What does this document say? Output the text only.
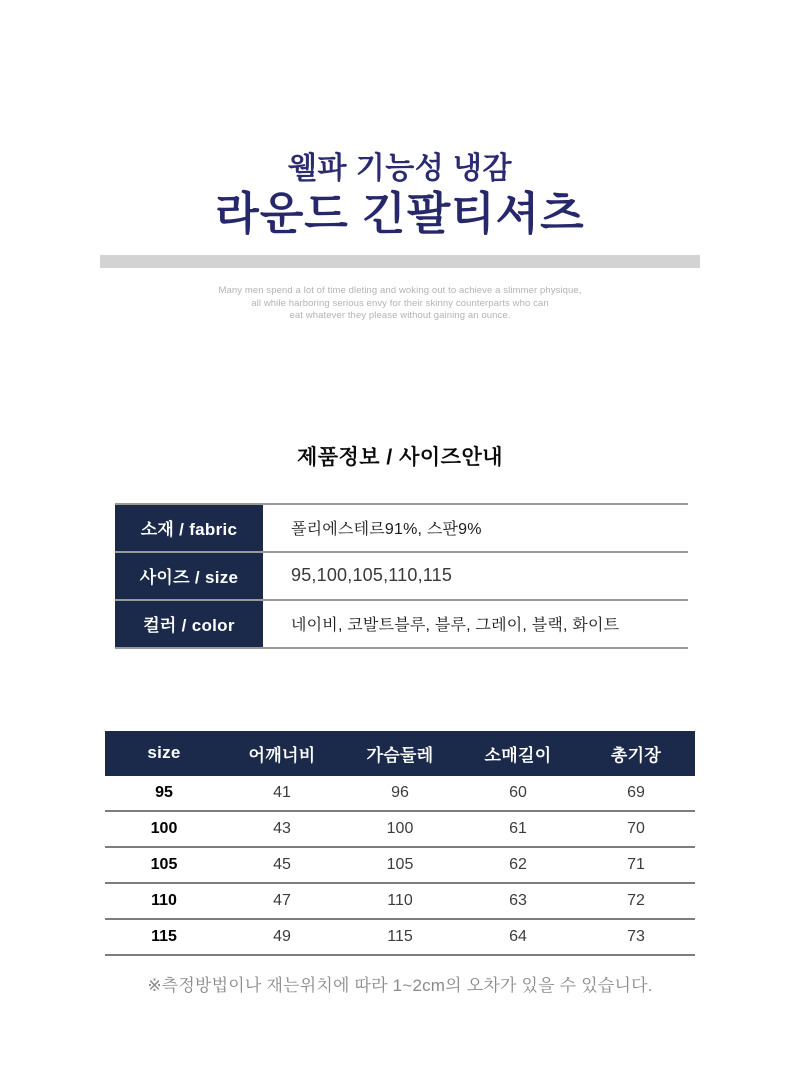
웰파 기능성 냉감
라운드 긴팔티셔츠
Many men spend a lot of time dleting and woking out to achieve a slimmer physique,
all while harboring serious envy for their skinny counterparts who can
eat whatever they please without gaining an ounce.
제품정보 / 사이즈안내
소재 / fabric	폴리에스테르91%, 스판9%
사이즈 / size	95,100,105,110,115
컬러 / color	네이비, 코발트블루, 블루, 그레이, 블랙, 화이트
size	어깨너비	가슴둘레	소매길이	총기장
95	41	96	60	69
100	43	100	61	70
105	45	105	62	71
110	47	110	63	72
115	49	115	64	73
※측정방법이나 재는위치에 따라 1~2cm의 오차가 있을 수 있습니다.
